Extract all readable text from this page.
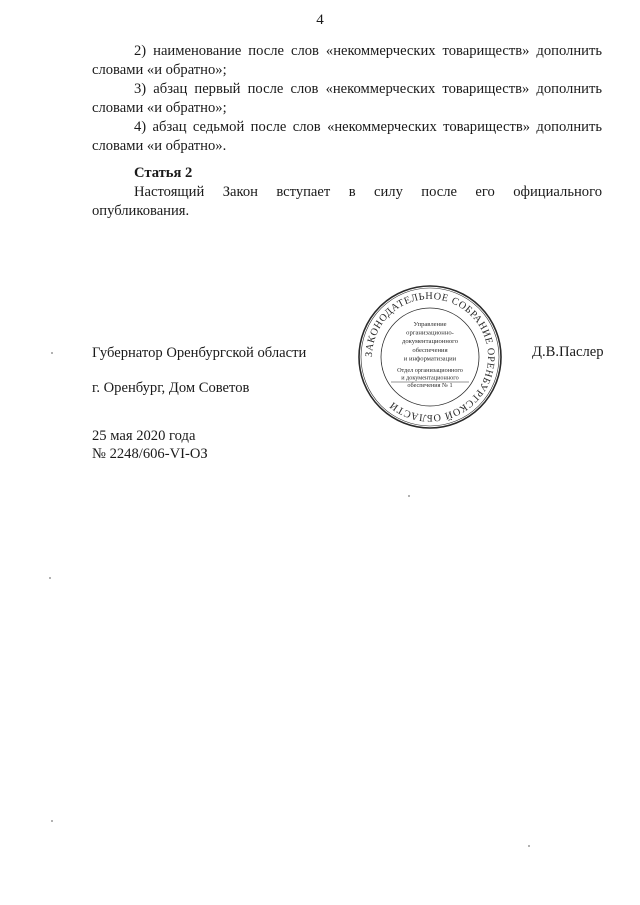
4

2) наименование после слов «некоммерческих товариществ» дополнить
словами «и обратно»;

3) абзац первый после слов «некоммерческих товариществ» дополнить
словами «и обратно»;

4) абзац седьмой после слов «некоммерческих товариществ» дополнить
словами «и обратно».

Статья 2

Настоящий Закон вступает в силу после его официального
опубликования.

Губернатор Оренбургской области
г. Оренбург, Дом Советов
25 мая 2020 года
№ 2248/606-VI-ОЗ
Д.В.Паслер
ЗАКОНОДАТЕЛЬНОЕ СОБРАНИЕ ОРЕНБУРГСКОЙ ОБЛАСТИ
Управление
организационно-
документационного
обеспечения
и информатизации
Отдел организационного
и документационного
обеспечения № 1
